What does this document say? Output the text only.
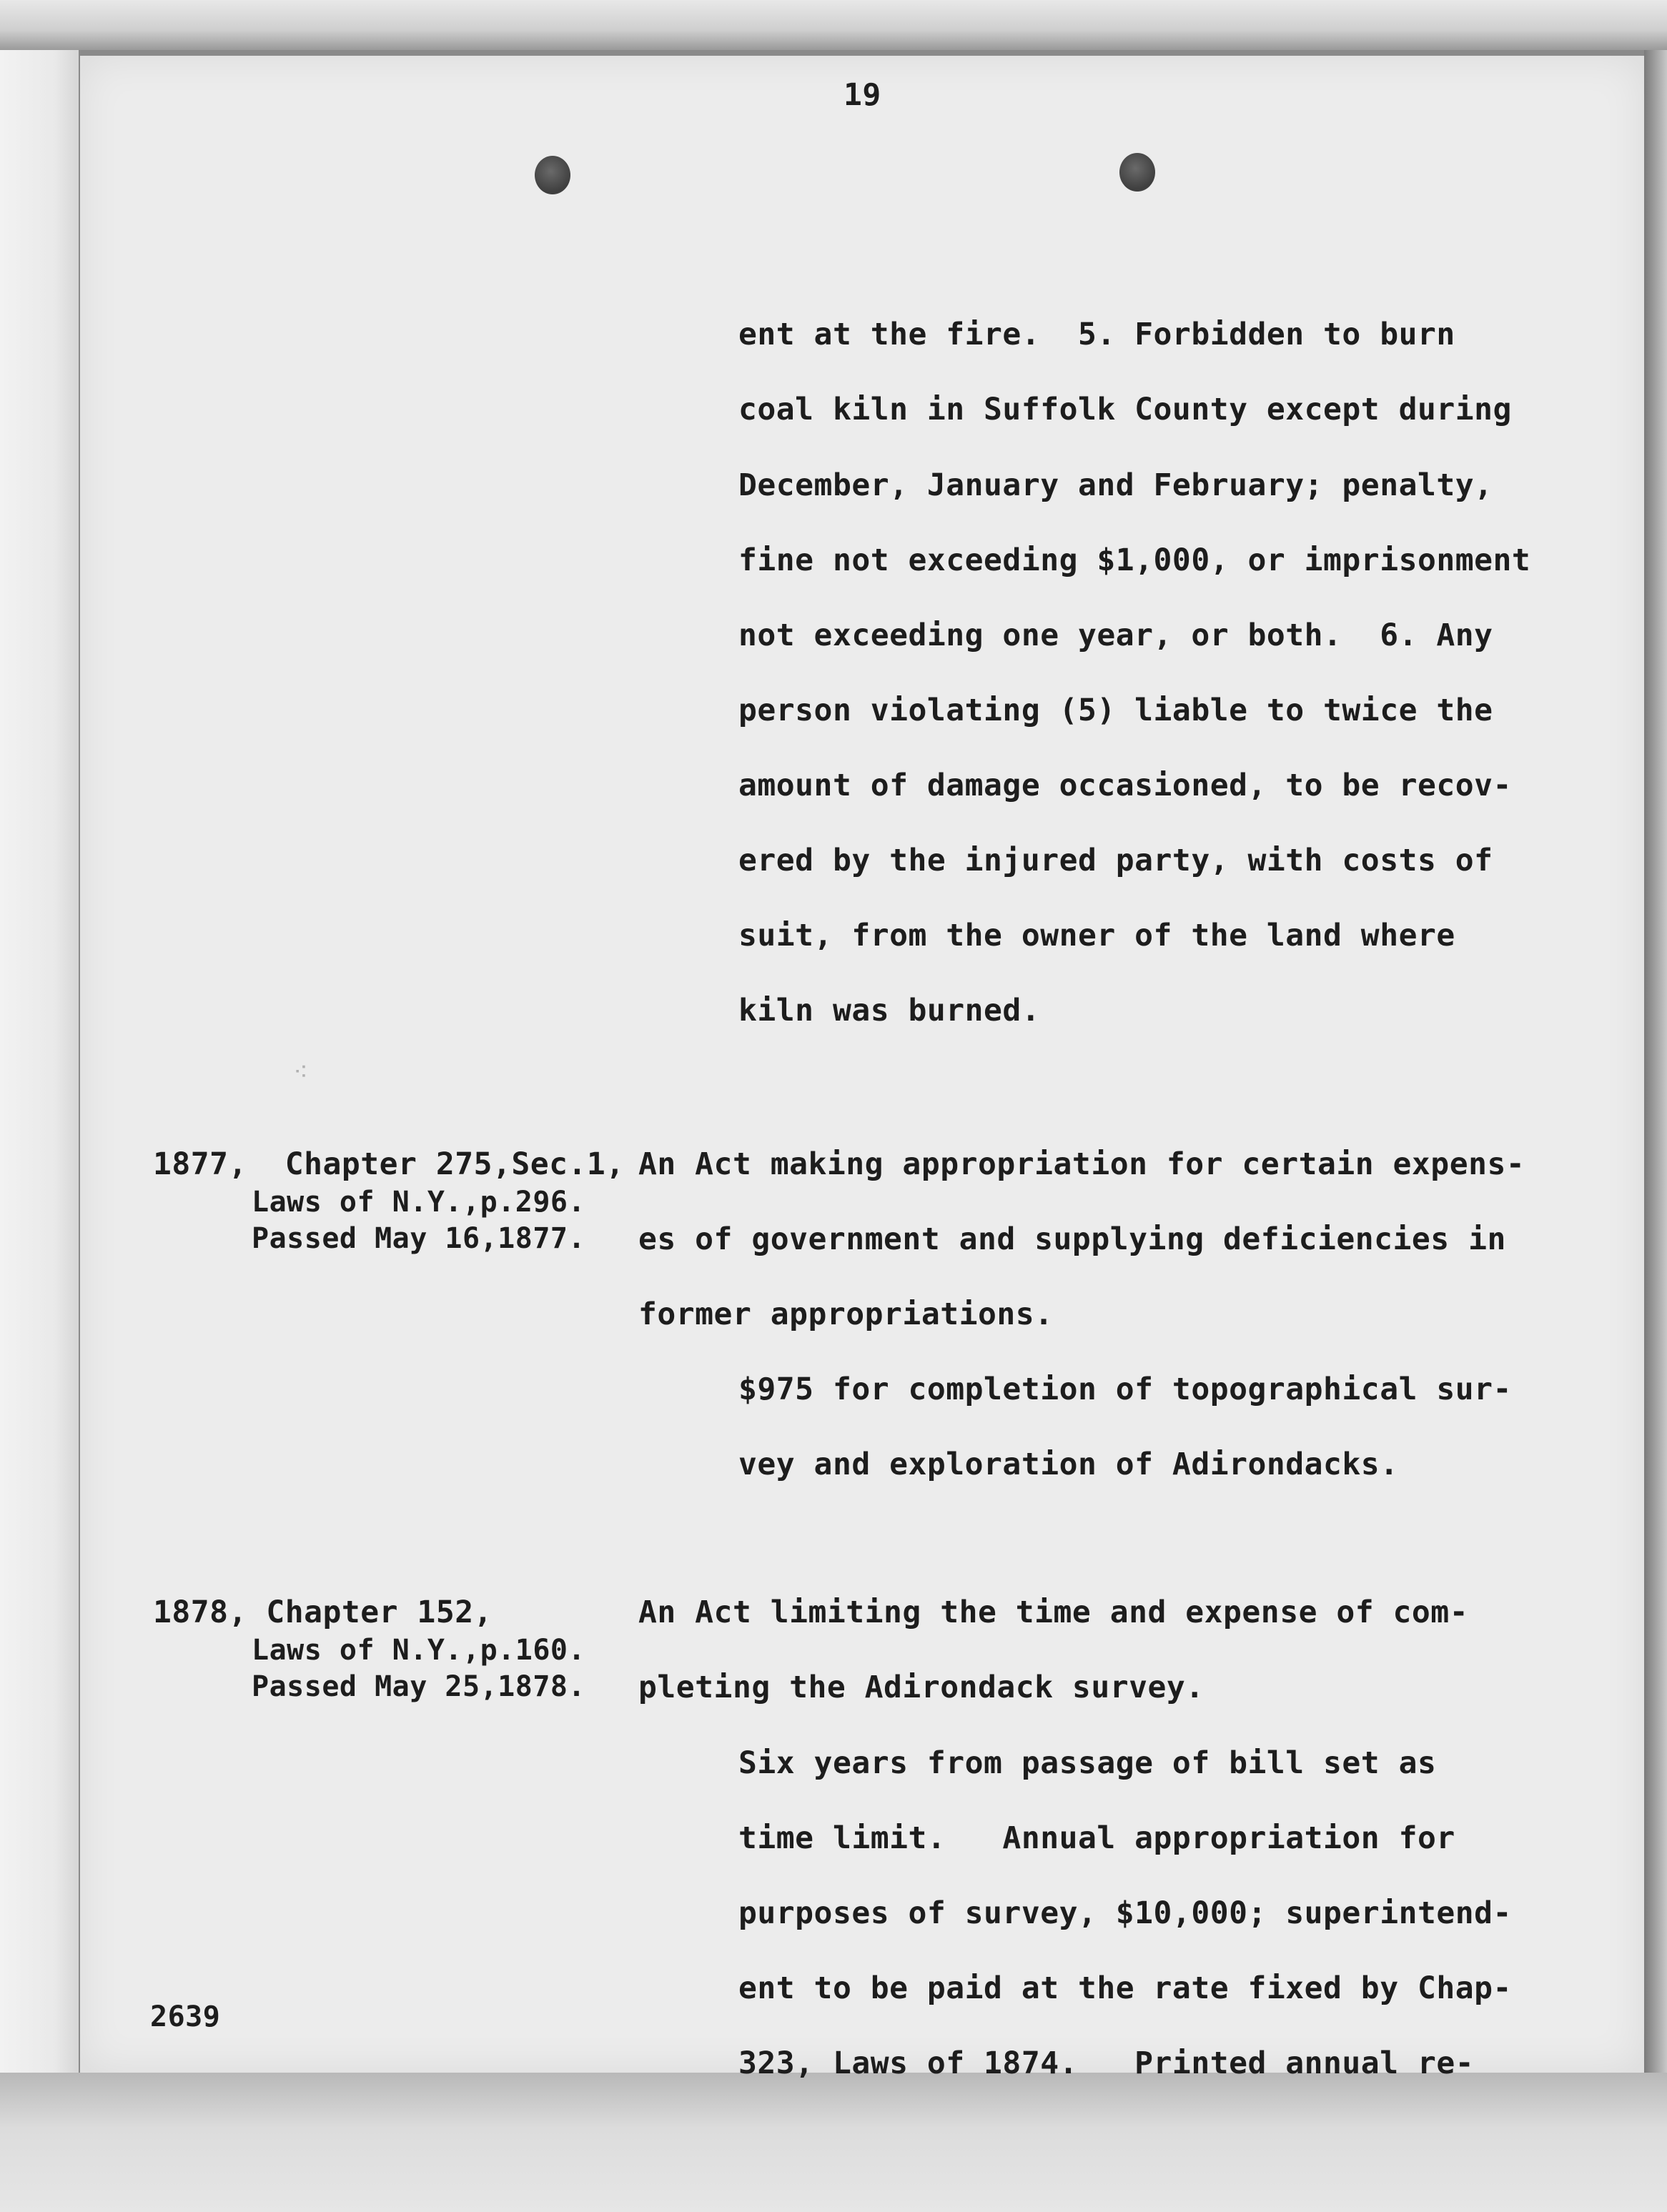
19
ent at the fire.  5. Forbidden to burn
coal kiln in Suffolk County except during
December, January and February; penalty,
fine not exceeding $1,000, or imprisonment
not exceeding one year, or both.  6. Any
person violating (5) liable to twice the
amount of damage occasioned, to be recov-
ered by the injured party, with costs of
suit, from the owner of the land where
kiln was burned.
⁖
1877,  Chapter 275,Sec.1,
Laws of N.Y.,p.296.
Passed May 16,1877.
An Act making appropriation for certain expens-
es of government and supplying deficiencies in
former appropriations.
$975 for completion of topographical sur-
vey and exploration of Adirondacks.
1878, Chapter 152,
Laws of N.Y.,p.160.
Passed May 25,1878.
An Act limiting the time and expense of com-
pleting the Adirondack survey.
Six years from passage of bill set as
time limit.   Annual appropriation for
purposes of survey, $10,000; superintend-
ent to be paid at the rate fixed by Chap-
323, Laws of 1874.   Printed annual re-
2639
